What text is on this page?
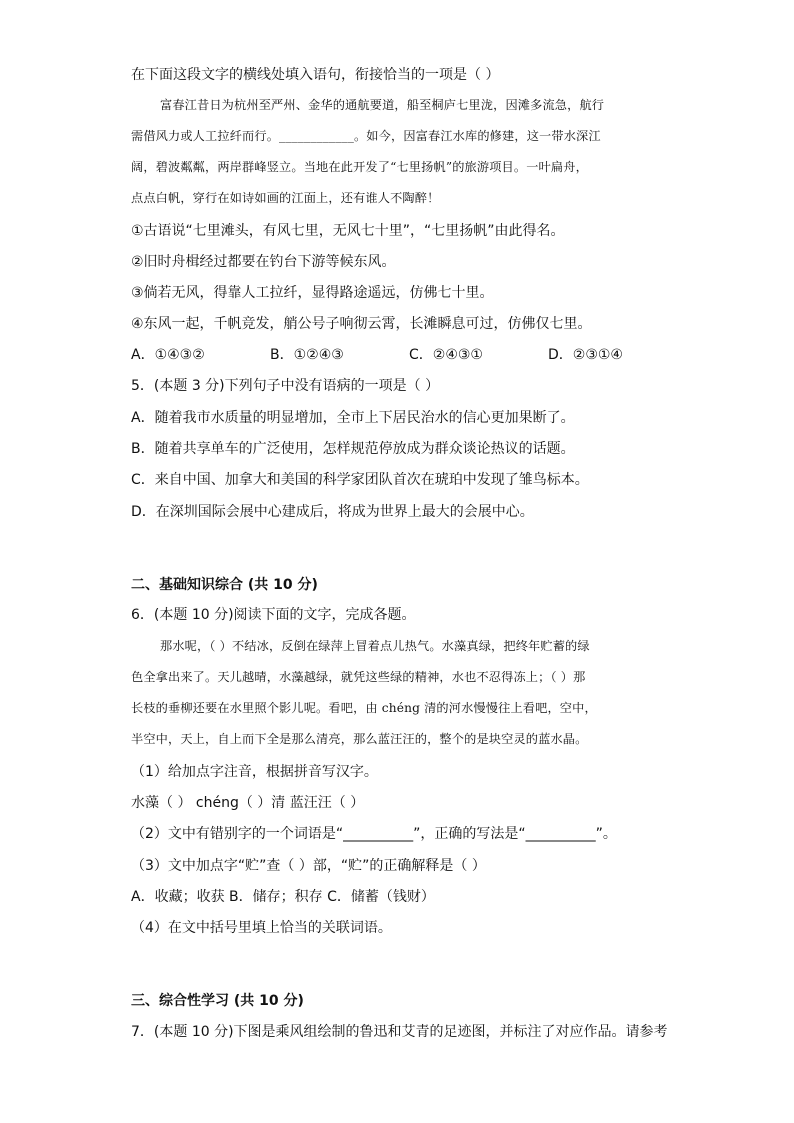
在下面这段文字的横线处填入语句，衔接恰当的一项是（ ）
富春江昔日为杭州至严州、金华的通航要道，船至桐庐七里泷，因滩多流急，航行
需借风力或人工拉纤而行。____________。如今，因富春江水库的修建，这一带水深江
阔，碧波粼粼，两岸群峰竖立。当地在此开发了“七里扬帆”的旅游项目。一叶扁舟，
点点白帆，穿行在如诗如画的江面上，还有谁人不陶醉！
①古语说“七里滩头，有风七里，无风七十里”，“七里扬帆”由此得名。
②旧时舟楫经过都要在钓台下游等候东风。
③倘若无风，得靠人工拉纤，显得路途遥远，仿佛七十里。
④东风一起，千帆竞发，艄公号子响彻云霄，长滩瞬息可过，仿佛仅七里。
A．①④③②	B．①②④③	C．②④③①	D．②③①④
5．(本题 3 分)下列句子中没有语病的一项是（ ）
A．随着我市水质量的明显增加，全市上下居民治水的信心更加果断了。
B．随着共享单车的广泛使用，怎样规范停放成为群众谈论热议的话题。
C．来自中国、加拿大和美国的科学家团队首次在琥珀中发现了雏鸟标本。
D．在深圳国际会展中心建成后，将成为世界上最大的会展中心。
二、基础知识综合 (共 10 分)
6．(本题 10 分)阅读下面的文字，完成各题。
那水呢，（ ）不结冰，反倒在绿萍上冒着点儿热气。水藻真绿，把终年贮蓄的绿
色全拿出来了。天儿越晴，水藻越绿，就凭这些绿的精神，水也不忍得冻上；（ ）那
长枝的垂柳还要在水里照个影儿呢。看吧，由 chéng 清的河水慢慢往上看吧，空中，
半空中，天上，自上而下全是那么清亮，那么蓝汪汪的，整个的是块空灵的蓝水晶。
（1）给加点字注音，根据拼音写汉字。
水藻（ ） chéng（ ）清 蓝汪汪（ ）
（2）文中有错别字的一个词语是“__________”，正确的写法是“__________”。
（3）文中加点字“贮”查（ ）部，“贮”的正确解释是（ ）
A．收藏；收获 B．储存；积存 C．储蓄（钱财）
（4）在文中括号里填上恰当的关联词语。
三、综合性学习 (共 10 分)
7．(本题 10 分)下图是乘风组绘制的鲁迅和艾青的足迹图，并标注了对应作品。请参考
